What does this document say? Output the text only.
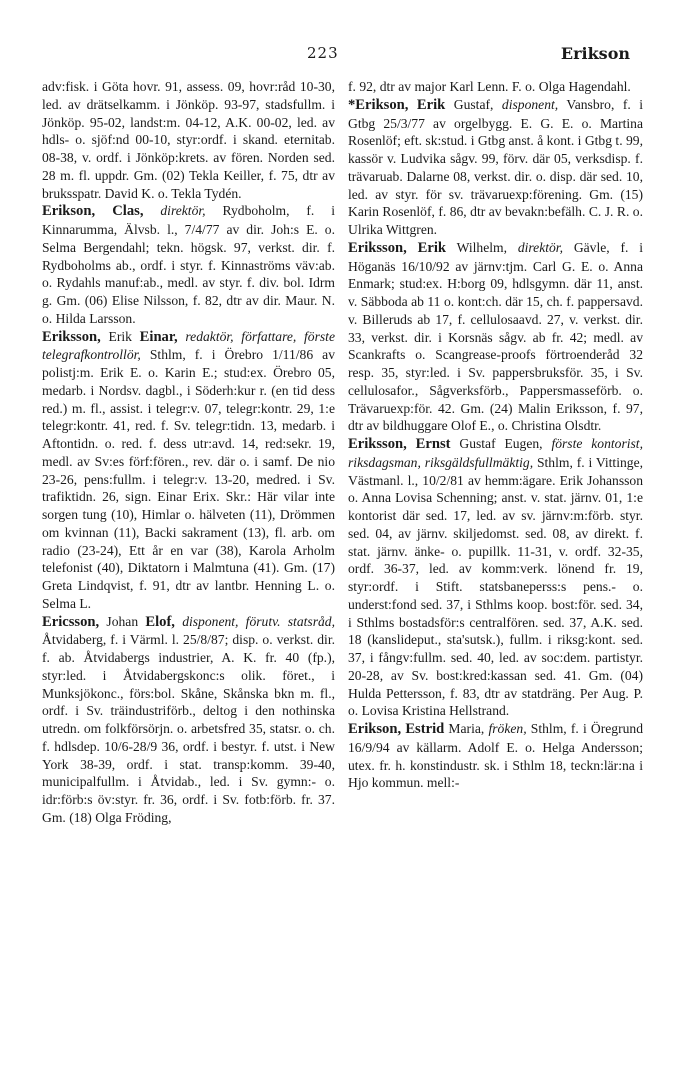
223	Erikson

adv:fisk. i Göta hovr. 91, assess. 09, hovr:råd 10-30, led. av drätselkamm. i Jönköp. 93-97, stadsfullm. i Jönköp. 95-02, landst:m. 04-12, A.K. 00-02, led. av hdls- o. sjöf:nd 00-10, styr:ordf. i skand. eternitab. 08-38, v. ordf. i Jönköp:krets. av fören. Norden sed. 28 m. fl. uppdr. Gm. (02) Tekla Keiller, f. 75, dtr av bruksspatr. David K. o. Tekla Tydén.

Erikson, Clas, direktör, Rydboholm, f. i Kinnarumma, Älvsb. l., 7/4/77 av dir. Joh:s E. o. Selma Bergendahl; tekn. högsk. 97, verkst. dir. f. Rydboholms ab., ordf. i styr. f. Kinnaströms väv:ab. o. Rydahls manuf:ab., medl. av styr. f. div. bol. Idrm g. Gm. (06) Elise Nilsson, f. 82, dtr av dir. Maur. N. o. Hilda Larsson.

Eriksson, Erik Einar, redaktör, författare, förste telegrafkontrollör, Sthlm, f. i Örebro 1/11/86 av polistj:m. Erik E. o. Karin E.; stud:ex. Örebro 05, medarb. i Nordsv. dagbl., i Söderh:kur r. (en tid dess red.) m. fl., assist. i telegr:v. 07, telegr:kontr. 29, 1:e telegr:kontr. 41, red. f. Sv. telegr:tidn. 13, medarb. i Aftontidn. o. red. f. dess utr:avd. 14, red:sekr. 19, medl. av Sv:es förf:fören., rev. där o. i samf. De nio 23-26, pens:fullm. i telegr:v. 13-20, medred. i Sv. trafiktidn. 26, sign. Einar Erix. Skr.: Här vilar inte sorgen tung (10), Himlar o. hälveten (11), Drömmen om kvinnan (11), Backi sakrament (13), fl. arb. om radio (23-24), Ett år en var (38), Karola Arholm telefonist (40), Diktatorn i Malmtuna (41). Gm. (17) Greta Lindqvist, f. 91, dtr av lantbr. Henning L. o. Selma L.

Ericsson, Johan Elof, disponent, förutv. statsråd, Åtvidaberg, f. i Värml. l. 25/8/87; disp. o. verkst. dir. f. ab. Åtvidabergs industrier, A. K. fr. 40 (fp.), styr:led. i Åtvidabergskonc:s olik. föret., i Munksjökonc., förs:bol. Skåne, Skånska bkn m. fl., ordf. i Sv. träindustriförb., deltog i den nothinska utredn. om folkförsörjn. o. arbetsfred 35, statsr. o. ch. f. hdlsdep. 10/6-28/9 36, ordf. i bestyr. f. utst. i New York 38-39, ordf. i stat. transp:komm. 39-40, municipalfullm. i Åtvidab., led. i Sv. gymn:- o. idr:förb:s öv:styr. fr. 36, ordf. i Sv. fotb:förb. fr. 37. Gm. (18) Olga Fröding,

f. 92, dtr av major Karl Lenn. F. o. Olga Hagendahl.

*Erikson, Erik Gustaf, disponent, Vansbro, f. i Gtbg 25/3/77 av orgelbygg. E. G. E. o. Martina Rosenlöf; eft. sk:stud. i Gtbg anst. å kont. i Gtbg t. 99, kassör v. Ludvika sågv. 99, förv. där 05, verksdisp. f. trävaruab. Dalarne 08, verkst. dir. o. disp. där sed. 10, led. av styr. för sv. trävaruexp:förening. Gm. (15) Karin Rosenlöf, f. 86, dtr av bevakn:befälh. C. J. R. o. Ulrika Wittgren.

Eriksson, Erik Wilhelm, direktör, Gävle, f. i Höganäs 16/10/92 av järnv:tjm. Carl G. E. o. Anna Enmark; stud:ex. H:borg 09, hdlsgymn. där 11, anst. v. Säbboda ab 11 o. kont:ch. där 15, ch. f. pappersavd. v. Billeruds ab 17, f. cellulosaavd. 27, v. verkst. dir. 33, verkst. dir. i Korsnäs sågv. ab fr. 42; medl. av Scankrafts o. Scangrease-proofs förtroenderåd 32 resp. 35, styr:led. i Sv. pappersbruksför. 35, i Sv. cellulosafor., Sågverksförb., Pappersmasseförb. o. Trävaruexp:för. 42. Gm. (24) Malin Eriksson, f. 97, dtr av bildhuggare Olof E., o. Christina Olsdtr.

Eriksson, Ernst Gustaf Eugen, förste kontorist, riksdagsman, riksgäldsfullmäktig, Sthlm, f. i Vittinge, Västmanl. l., 10/2/81 av hemm:ägare. Erik Johansson o. Anna Lovisa Schenning; anst. v. stat. järnv. 01, 1:e kontorist där sed. 17, led. av sv. järnv:m:förb. styr. sed. 04, av järnv. skiljedomst. sed. 08, av direkt. f. stat. järnv. änke- o. pupillk. 11-31, v. ordf. 32-35, ordf. 36-37, led. av komm:verk. lönend fr. 19, styr:ordf. i Stift. statsbaneperss:s pens.- o. underst:fond sed. 37, i Sthlms koop. bost:för. sed. 34, i Sthlms bostadsför:s centralfören. sed. 37, A.K. sed. 18 (kanslideput., sta'sutsk.), fullm. i riksg:kont. sed. 37, i fångv:fullm. sed. 40, led. av soc:dem. partistyr. 20-28, av Sv. bost:kred:kassan sed. 41. Gm. (04) Hulda Pettersson, f. 83, dtr av statdräng. Per Aug. P. o. Lovisa Kristina Hellstrand.

Erikson, Estrid Maria, fröken, Sthlm, f. i Öregrund 16/9/94 av källarm. Adolf E. o. Helga Andersson; utex. fr. h. konstindustr. sk. i Sthlm 18, teckn:lär:na i Hjo kommun. mell:-
